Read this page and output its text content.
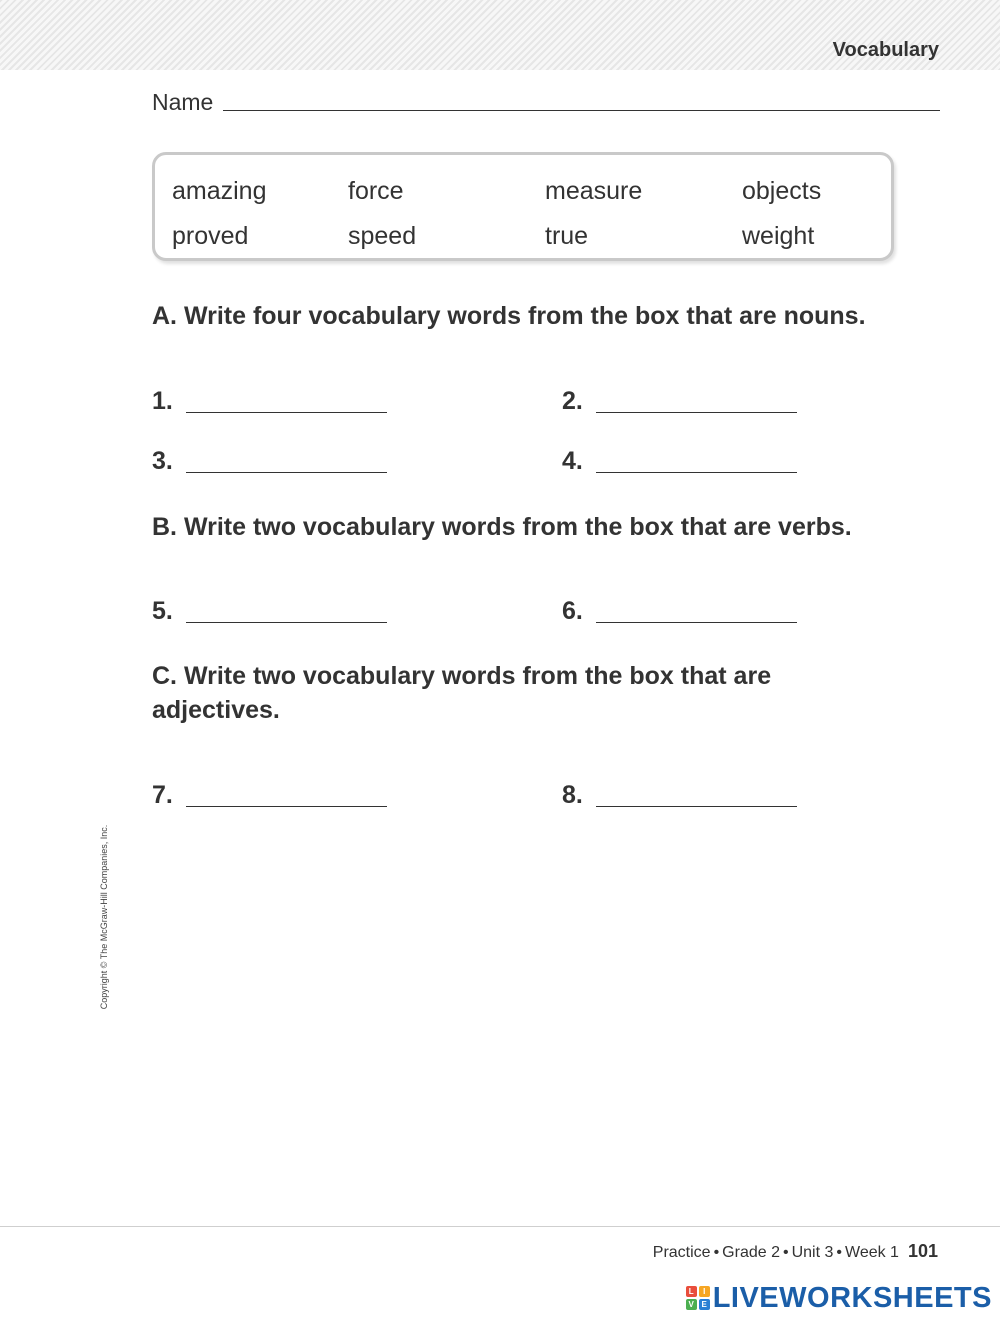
Vocabulary
Name
amazing	force	measure	objects
proved	speed	true	weight
A. Write four vocabulary words from the box that are nouns.
1.	2.
3.	4.
B. Write two vocabulary words from the box that are verbs.
5.	6.
C. Write two vocabulary words from the box that are
adjectives.
7.	8.
Copyright © The McGraw-Hill Companies, Inc.
Practice • Grade 2 • Unit 3 • Week 1 101
L	I
V E LIVEWORKSHEETS
